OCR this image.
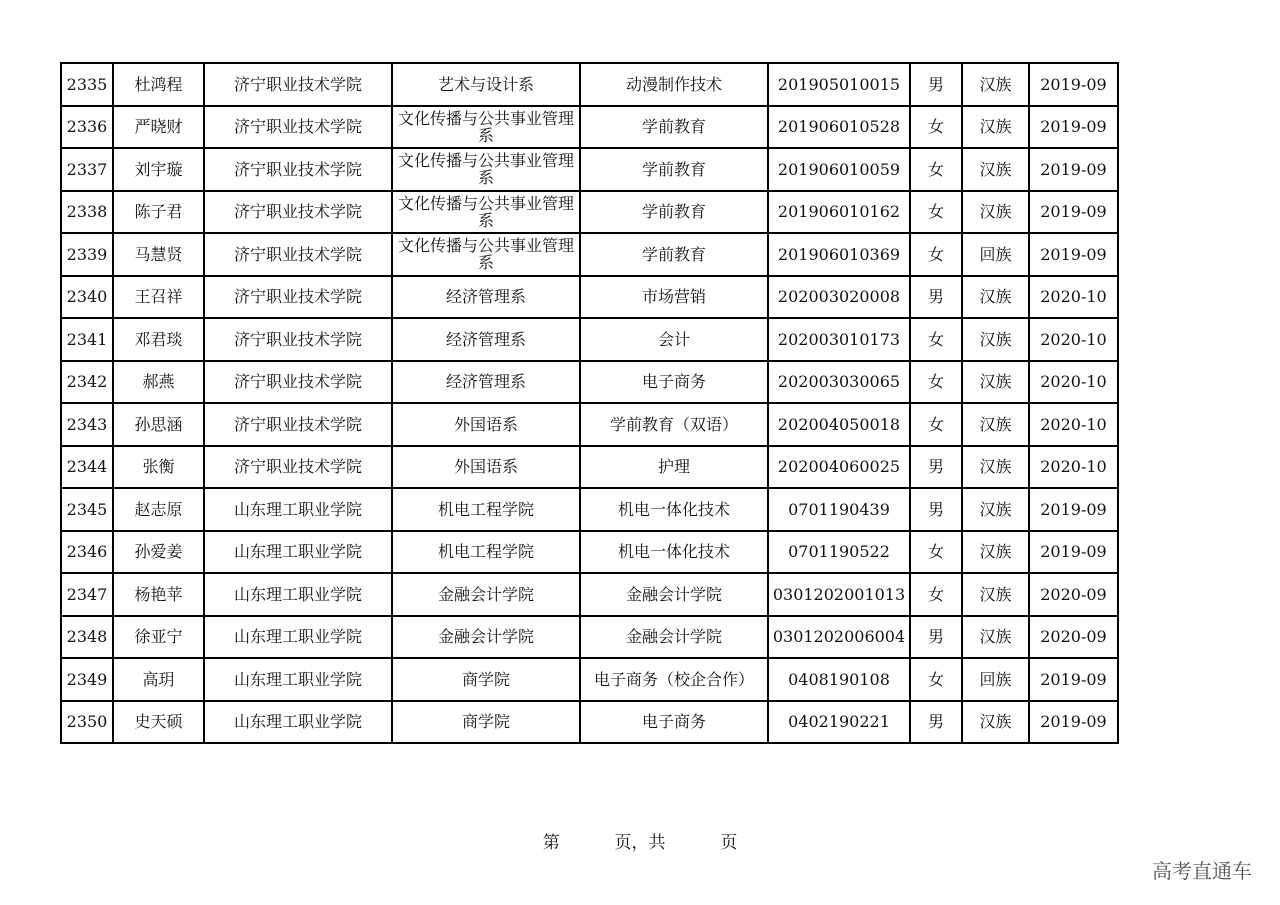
2335	杜鸿程	济宁职业技术学院	艺术与设计系	动漫制作技术	201905010015	男	汉族	2019-09
2336	严晓财	济宁职业技术学院	文化传播与公共事业管理系	学前教育	201906010528	女	汉族	2019-09
2337	刘宇璇	济宁职业技术学院	文化传播与公共事业管理系	学前教育	201906010059	女	汉族	2019-09
2338	陈子君	济宁职业技术学院	文化传播与公共事业管理系	学前教育	201906010162	女	汉族	2019-09
2339	马慧贤	济宁职业技术学院	文化传播与公共事业管理系	学前教育	201906010369	女	回族	2019-09
2340	王召祥	济宁职业技术学院	经济管理系	市场营销	202003020008	男	汉族	2020-10
2341	邓君琰	济宁职业技术学院	经济管理系	会计	202003010173	女	汉族	2020-10
2342	郝燕	济宁职业技术学院	经济管理系	电子商务	202003030065	女	汉族	2020-10
2343	孙思涵	济宁职业技术学院	外国语系	学前教育（双语）	202004050018	女	汉族	2020-10
2344	张衡	济宁职业技术学院	外国语系	护理	202004060025	男	汉族	2020-10
2345	赵志原	山东理工职业学院	机电工程学院	机电一体化技术	0701190439	男	汉族	2019-09
2346	孙爱姜	山东理工职业学院	机电工程学院	机电一体化技术	0701190522	女	汉族	2019-09
2347	杨艳苹	山东理工职业学院	金融会计学院	金融会计学院	0301202001013	女	汉族	2020-09
2348	徐亚宁	山东理工职业学院	金融会计学院	金融会计学院	0301202006004	男	汉族	2020-09
2349	高玥	山东理工职业学院	商学院	电子商务（校企合作）	0408190108	女	回族	2019-09
2350	史天硕	山东理工职业学院	商学院	电子商务	0402190221	男	汉族	2019-09
第	页，共	页
高考直通车
